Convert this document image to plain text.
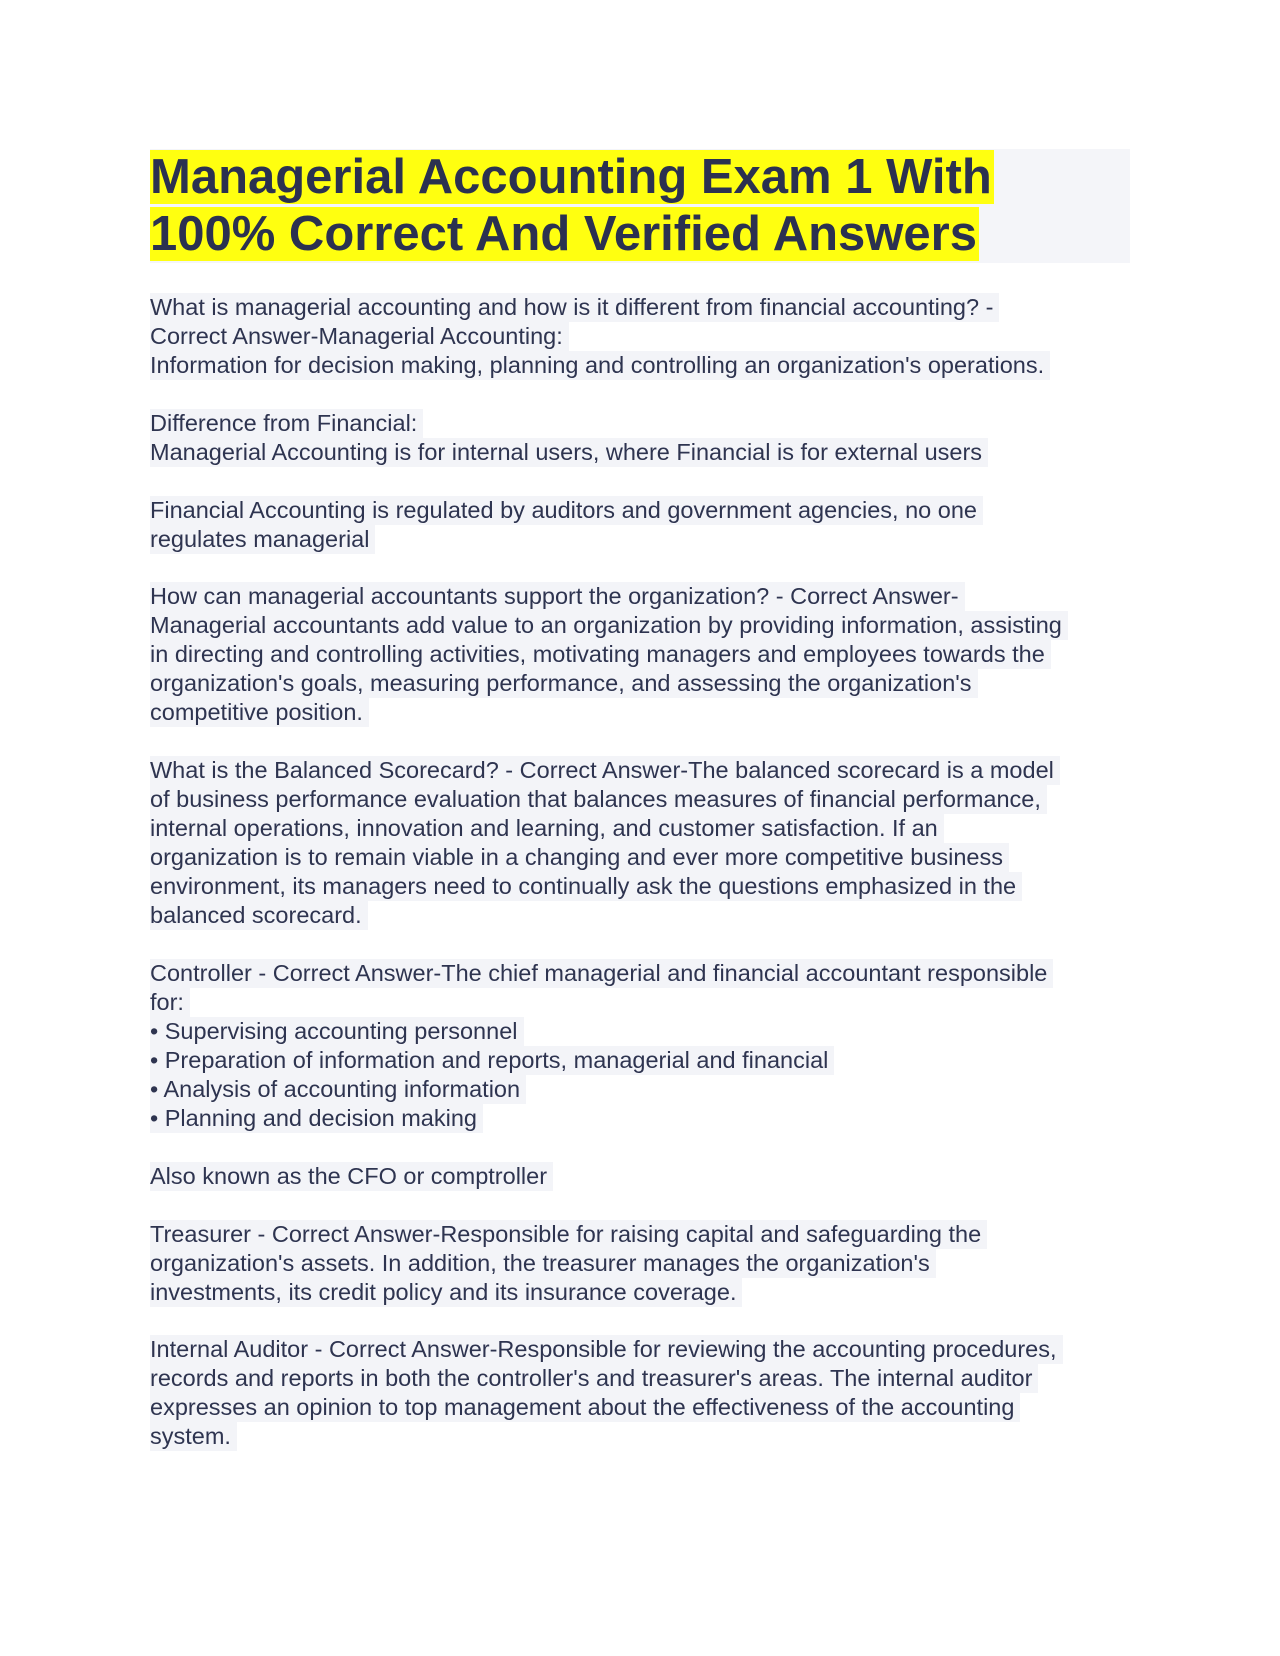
Managerial Accounting Exam 1 With
100% Correct And Verified Answers
What is managerial accounting and how is it different from financial accounting? -
Correct Answer-Managerial Accounting:
Information for decision making, planning and controlling an organization's operations.
Difference from Financial:
Managerial Accounting is for internal users, where Financial is for external users
Financial Accounting is regulated by auditors and government agencies, no one
regulates managerial
How can managerial accountants support the organization? - Correct Answer-
Managerial accountants add value to an organization by providing information, assisting
in directing and controlling activities, motivating managers and employees towards the
organization's goals, measuring performance, and assessing the organization's
competitive position.
What is the Balanced Scorecard? - Correct Answer-The balanced scorecard is a model
of business performance evaluation that balances measures of financial performance,
internal operations, innovation and learning, and customer satisfaction. If an
organization is to remain viable in a changing and ever more competitive business
environment, its managers need to continually ask the questions emphasized in the
balanced scorecard.
Controller - Correct Answer-The chief managerial and financial accountant responsible
for:
• Supervising accounting personnel
• Preparation of information and reports, managerial and financial
• Analysis of accounting information
• Planning and decision making
Also known as the CFO or comptroller
Treasurer - Correct Answer-Responsible for raising capital and safeguarding the
organization's assets. In addition, the treasurer manages the organization's
investments, its credit policy and its insurance coverage.
Internal Auditor - Correct Answer-Responsible for reviewing the accounting procedures,
records and reports in both the controller's and treasurer's areas. The internal auditor
expresses an opinion to top management about the effectiveness of the accounting
system.
